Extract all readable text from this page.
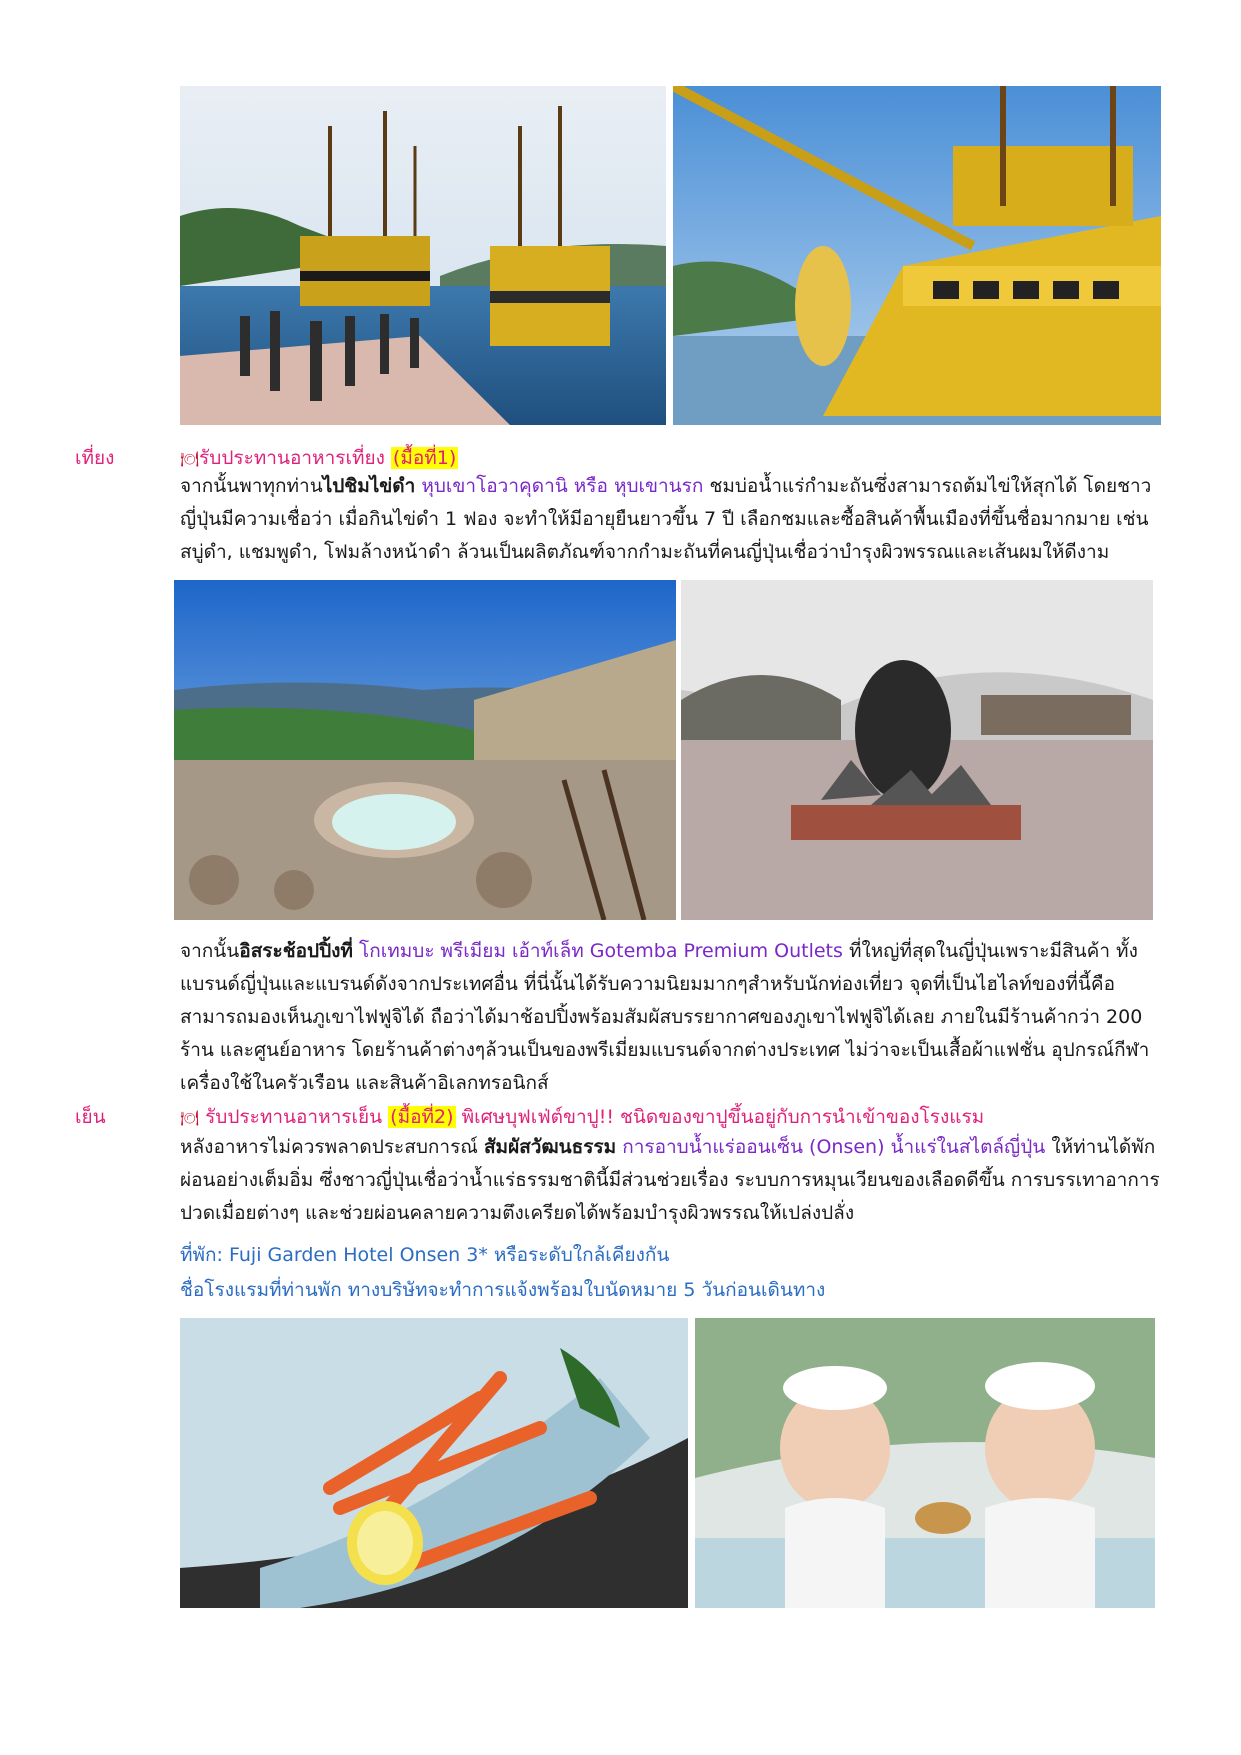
เที่ยง	🍽รับประทานอาหารเที่ยง (มื้อที่1)
จากนั้นพาทุกท่านไปชิมไข่ดำ หุบเขาโอวาคุดานิ หรือ หุบเขานรก ชมบ่อน้ำแร่กำมะถันซึ่งสามารถต้มไข่ให้สุกได้ โดยชาวญี่ปุ่นมีความเชื่อว่า เมื่อกินไข่ดำ 1 ฟอง จะทำให้มีอายุยืนยาวขึ้น 7 ปี เลือกชมและซื้อสินค้าพื้นเมืองที่ขึ้นชื่อมากมาย เช่น สบู่ดำ, แชมพูดำ, โฟมล้างหน้าดำ ล้วนเป็นผลิตภัณฑ์จากกำมะถันที่คนญี่ปุ่นเชื่อว่าบำรุงผิวพรรณและเส้นผมให้ดีงาม
จากนั้นอิสระช้อปปิ้งที่ โกเทมบะ พรีเมียม เอ้าท์เล็ท Gotemba Premium Outlets ที่ใหญ่ที่สุดในญี่ปุ่นเพราะมีสินค้า ทั้งแบรนด์ญี่ปุ่นและแบรนด์ดังจากประเทศอื่น ที่นี่นั้นได้รับความนิยมมากๆสำหรับนักท่องเที่ยว จุดที่เป็นไฮไลท์ของที่นี้คือ สามารถมองเห็นภูเขาไฟฟูจิได้ ถือว่าได้มาช้อปปิ้งพร้อมสัมผัสบรรยากาศของภูเขาไฟฟูจิได้เลย ภายในมีร้านค้ากว่า 200 ร้าน และศูนย์อาหาร โดยร้านค้าต่างๆล้วนเป็นของพรีเมี่ยมแบรนด์จากต่างประเทศ ไม่ว่าจะเป็นเสื้อผ้าแฟชั่น อุปกรณ์กีฬา เครื่องใช้ในครัวเรือน และสินค้าอิเลกทรอนิกส์
เย็น	🍽 รับประทานอาหารเย็น (มื้อที่2) พิเศษบุฟเฟ่ต์ขาปู!! ชนิดของขาปูขึ้นอยู่กับการนำเข้าของโรงแรม
หลังอาหารไม่ควรพลาดประสบการณ์ สัมผัสวัฒนธรรม การอาบน้ำแร่ออนเซ็น (Onsen) น้ำแร่ในสไตล์ญี่ปุ่น ให้ท่านได้พักผ่อนอย่างเต็มอิ่ม ซึ่งชาวญี่ปุ่นเชื่อว่าน้ำแร่ธรรมชาตินี้มีส่วนช่วยเรื่อง ระบบการหมุนเวียนของเลือดดีขึ้น การบรรเทาอาการปวดเมื่อยต่างๆ และช่วยผ่อนคลายความตึงเครียดได้พร้อมบำรุงผิวพรรณให้เปล่งปลั่ง
ที่พัก: Fuji Garden Hotel Onsen 3* หรือระดับใกล้เคียงกัน
ชื่อโรงแรมที่ท่านพัก ทางบริษัทจะทำการแจ้งพร้อมใบนัดหมาย 5 วันก่อนเดินทาง
